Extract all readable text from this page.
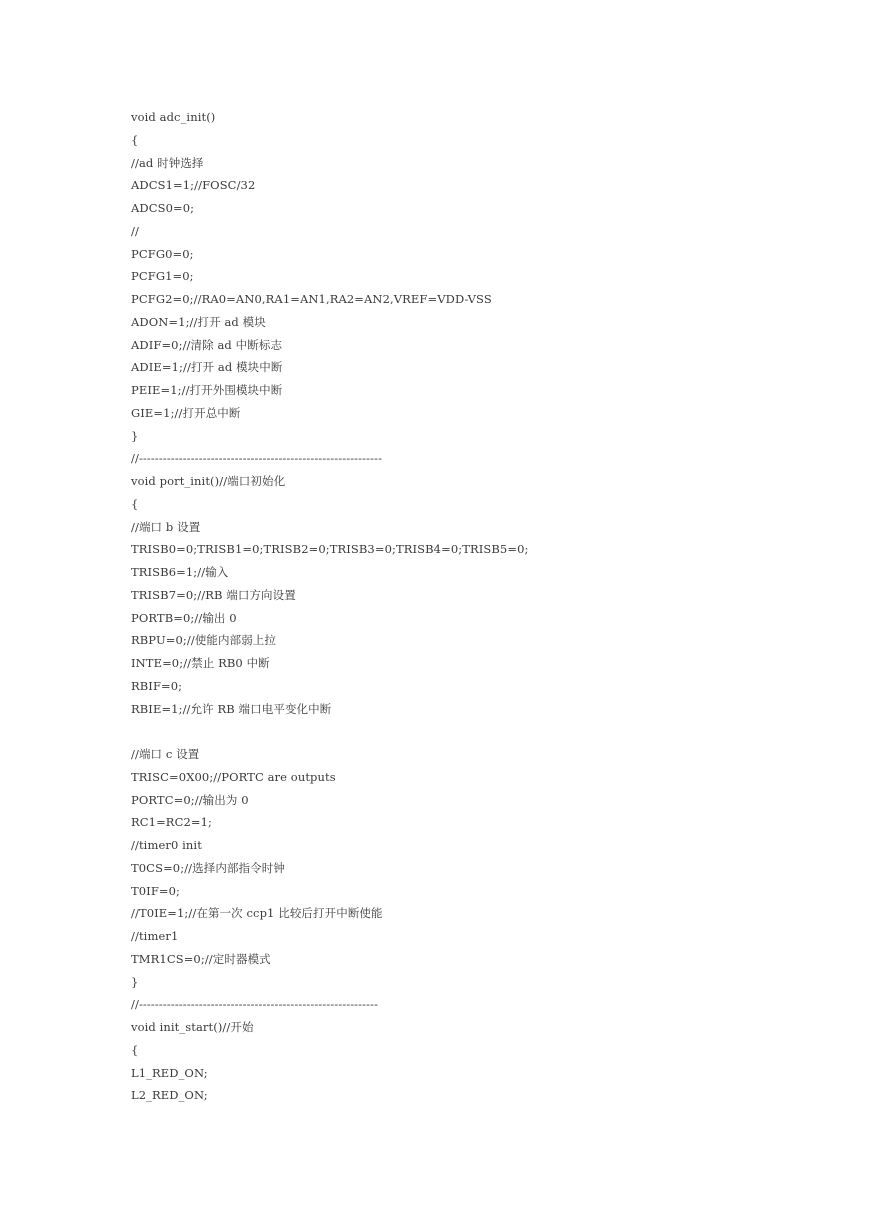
void adc_init()
{
//ad 时钟选择
ADCS1=1;//FOSC/32
ADCS0=0;
//
PCFG0=0;
PCFG1=0;
PCFG2=0;//RA0=AN0,RA1=AN1,RA2=AN2,VREF=VDD-VSS
ADON=1;//打开 ad 模块
ADIF=0;//清除 ad 中断标志
ADIE=1;//打开 ad 模块中断
PEIE=1;//打开外围模块中断
GIE=1;//打开总中断
}
//-------------------------------------------------------------
void port_init()//端口初始化
{
//端口 b 设置
TRISB0=0;TRISB1=0;TRISB2=0;TRISB3=0;TRISB4=0;TRISB5=0;
TRISB6=1;//输入
TRISB7=0;//RB 端口方向设置
PORTB=0;//输出 0
RBPU=0;//使能内部弱上拉
INTE=0;//禁止 RB0 中断
RBIF=0;
RBIE=1;//允许 RB 端口电平变化中断
//端口 c 设置
TRISC=0X00;//PORTC are outputs
PORTC=0;//输出为 0
RC1=RC2=1;
//timer0 init
T0CS=0;//选择内部指令时钟
T0IF=0;
//T0IE=1;//在第一次 ccp1 比较后打开中断使能
//timer1
TMR1CS=0;//定时器模式
}
//------------------------------------------------------------
void init_start()//开始
{
L1_RED_ON;
L2_RED_ON;
